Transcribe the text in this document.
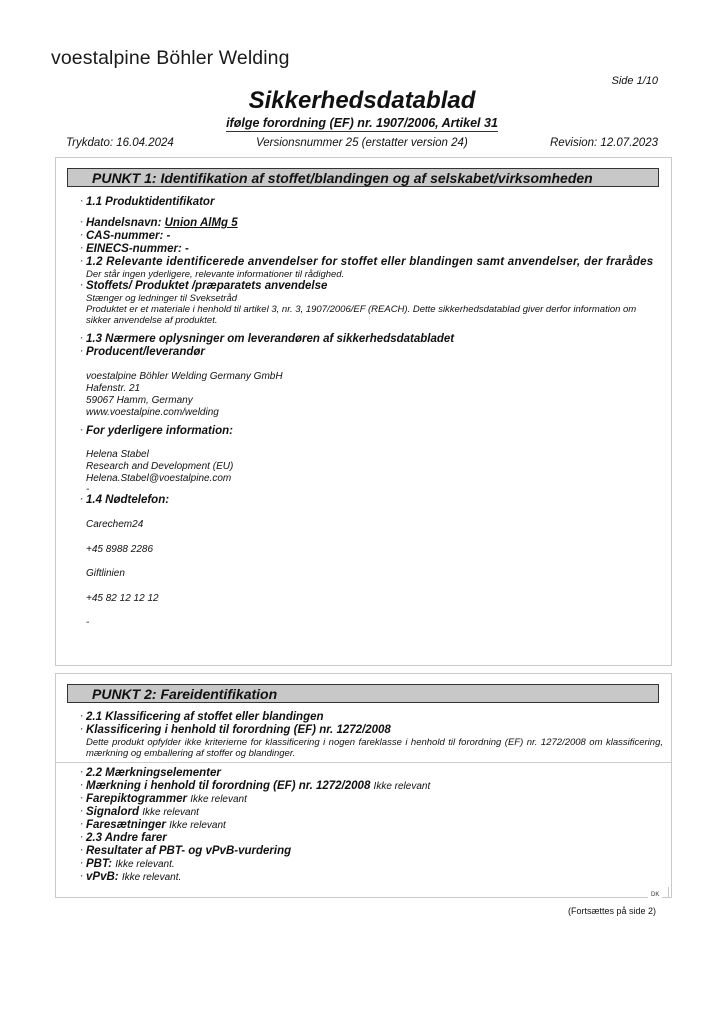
voestalpine Böhler Welding
Side 1/10
Sikkerhedsdatablad
ifølge forordning (EF) nr. 1907/2006, Artikel 31
Trykdato: 16.04.2024	Versionsnummer 25 (erstatter version 24)	Revision: 12.07.2023
PUNKT 1: Identifikation af stoffet/blandingen og af selskabet/virksomheden
· 1.1 Produktidentifikator
· Handelsnavn: Union AlMg 5
· CAS-nummer: -
· EINECS-nummer: -
· 1.2 Relevante identificerede anvendelser for stoffet eller blandingen samt anvendelser, der frarådes
Der står ingen yderligere, relevante informationer til rådighed.
· Stoffets/ Produktet /præparatets anvendelse
Stænger og ledninger til Sveksetråd
Produktet er et materiale i henhold til artikel 3, nr. 3, 1907/2006/EF (REACH). Dette sikkerhedsdatablad giver derfor information om sikker anvendelse af produktet.
· 1.3 Nærmere oplysninger om leverandøren af sikkerhedsdatabladet
· Producent/leverandør
voestalpine Böhler Welding Germany GmbH
Hafenstr. 21
59067 Hamm, Germany
www.voestalpine.com/welding
· For yderligere information:
Helena Stabel
Research and Development (EU)
Helena.Stabel@voestalpine.com
-
· 1.4 Nødtelefon:
Carechem24
+45 8988 2286
Giftlinien
+45 82 12 12 12
-
PUNKT 2: Fareidentifikation
· 2.1 Klassificering af stoffet eller blandingen
· Klassificering i henhold til forordning (EF) nr. 1272/2008
Dette produkt opfylder ikke kriterierne for klassificering i nogen fareklasse i henhold til forordning (EF) nr. 1272/2008 om klassificering, mærkning og emballering af stoffer og blandinger.
· 2.2 Mærkningselementer
· Mærkning i henhold til forordning (EF) nr. 1272/2008 Ikke relevant
· Farepiktogrammer Ikke relevant
· Signalord Ikke relevant
· Faresætninger Ikke relevant
· 2.3 Andre farer
· Resultater af PBT- og vPvB-vurdering
· PBT: Ikke relevant.
· vPvB: Ikke relevant.
DK
(Fortsættes på side 2)
